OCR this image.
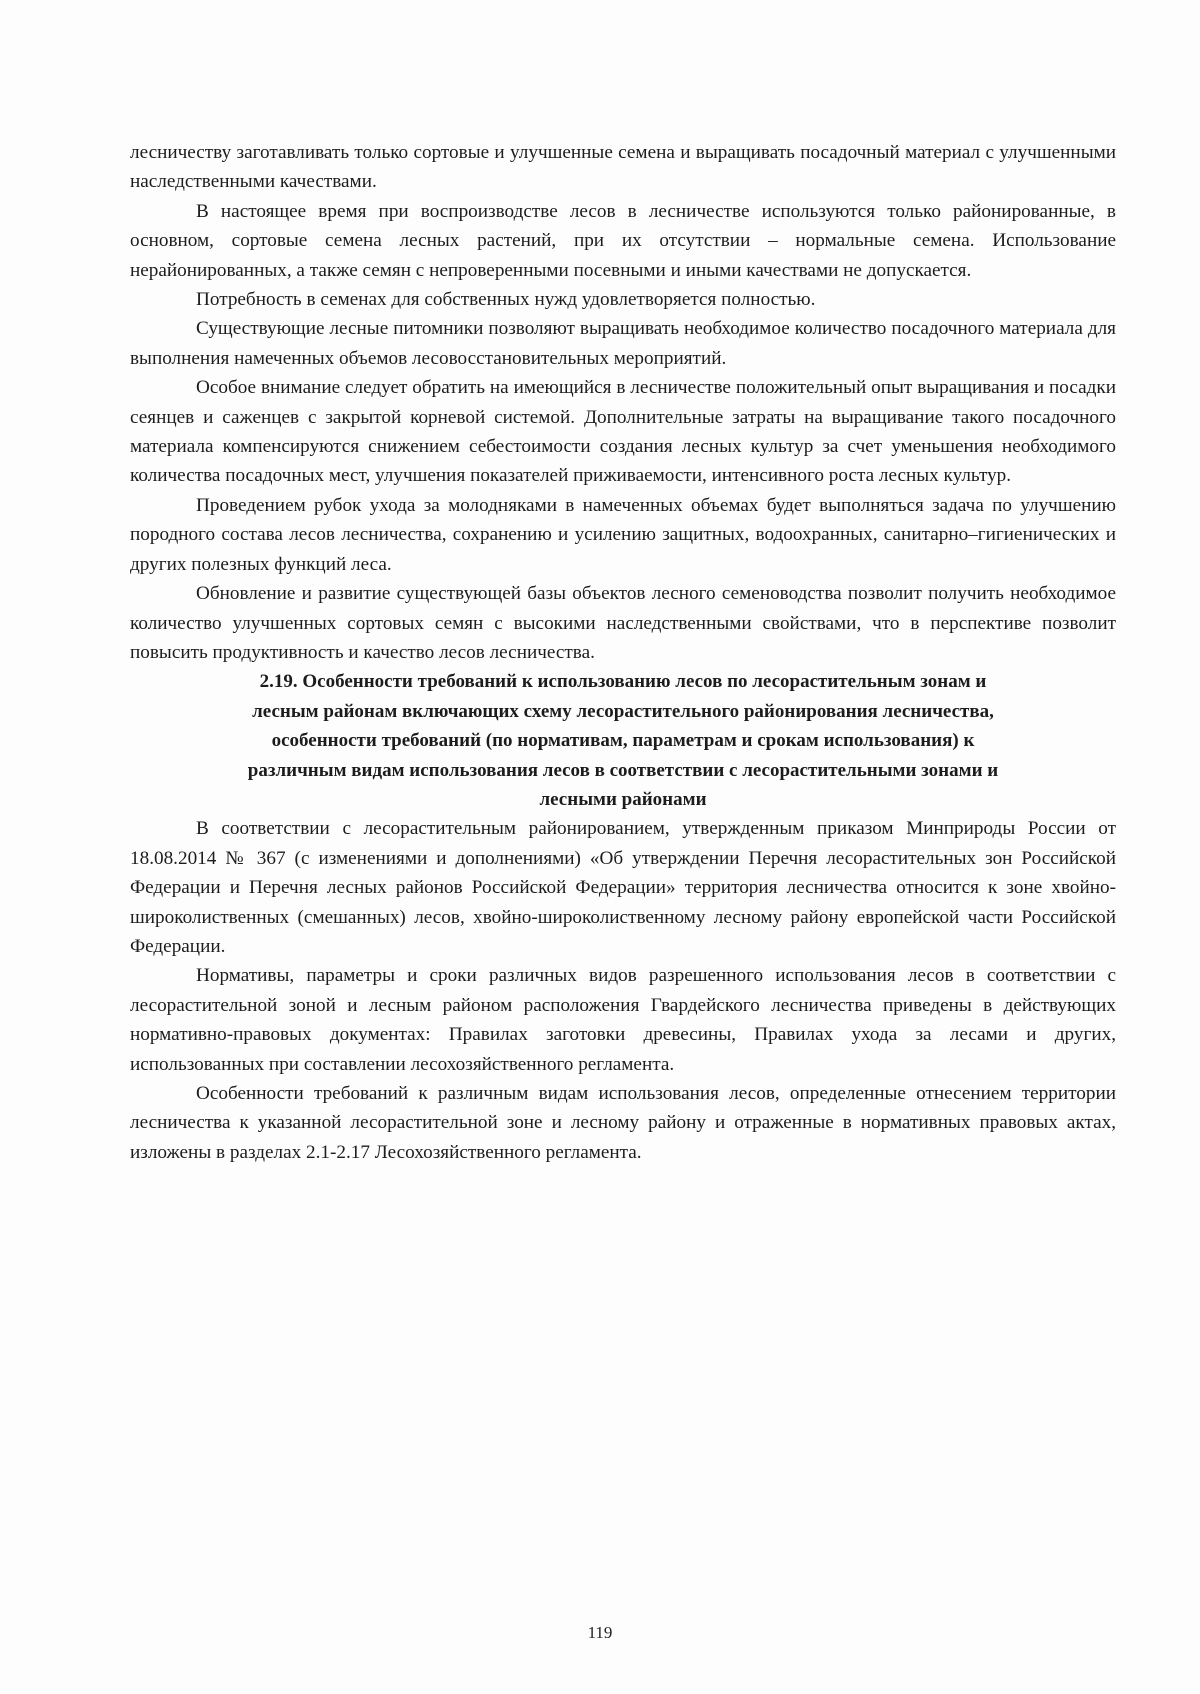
лесничеству заготавливать только сортовые и улучшенные семена и выращивать посадочный материал с улучшенными наследственными качествами.

В настоящее время при воспроизводстве лесов в лесничестве используются только районированные, в основном, сортовые семена лесных растений, при их отсутствии – нормальные семена. Использование нерайонированных, а также семян с непроверенными посевными и иными качествами не допускается.

Потребность в семенах для собственных нужд удовлетворяется полностью.

Существующие лесные питомники позволяют выращивать необходимое количество посадочного материала для выполнения намеченных объемов лесовосстановительных мероприятий.

Особое внимание следует обратить на имеющийся в лесничестве положительный опыт выращивания и посадки сеянцев и саженцев с закрытой корневой системой. Дополнительные затраты на выращивание такого посадочного материала компенсируются снижением себестоимости создания лесных культур за счет уменьшения необходимого количества посадочных мест, улучшения показателей приживаемости, интенсивного роста лесных культур.

Проведением рубок ухода за молодняками в намеченных объемах будет выполняться задача по улучшению породного состава лесов лесничества, сохранению и усилению защитных, водоохранных, санитарно–гигиенических и других полезных функций леса.

Обновление и развитие существующей базы объектов лесного семеноводства позволит получить необходимое количество улучшенных сортовых семян с высокими наследственными свойствами, что в перспективе позволит повысить продуктивность и качество лесов лесничества.

2.19. Особенности требований к использованию лесов по лесорастительным зонам и
лесным районам включающих схему лесорастительного районирования лесничества,
особенности требований (по нормативам, параметрам и срокам использования) к
различным видам использования лесов в соответствии с лесорастительными зонами и
лесными районами

В соответствии с лесорастительным районированием, утвержденным приказом Минприроды России от 18.08.2014 № 367 (с изменениями и дополнениями) «Об утверждении Перечня лесорастительных зон Российской Федерации и Перечня лесных районов Российской Федерации» территория лесничества относится к зоне хвойно-широколиственных (смешанных) лесов, хвойно-широколиственному лесному району европейской части Российской Федерации.

Нормативы, параметры и сроки различных видов разрешенного использования лесов в соответствии с лесорастительной зоной и лесным районом расположения Гвардейского лесничества приведены в действующих нормативно-правовых документах: Правилах заготовки древесины, Правилах ухода за лесами и других, использованных при составлении лесохозяйственного регламента.

Особенности требований к различным видам использования лесов, определенные отнесением территории лесничества к указанной лесорастительной зоне и лесному району и отраженные в нормативных правовых актах, изложены в разделах 2.1-2.17 Лесохозяйственного регламента.

119
